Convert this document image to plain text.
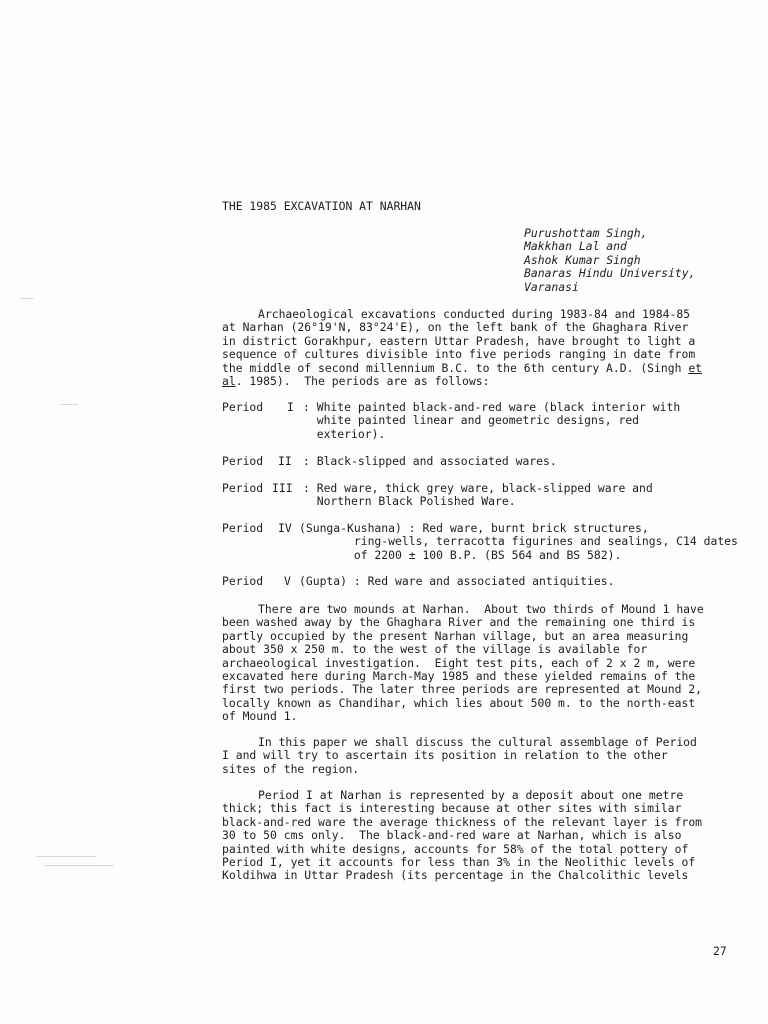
THE 1985 EXCAVATION AT NARHAN
Purushottam Singh,
Makkhan Lal and
Ashok Kumar Singh
Banaras Hindu University,
Varanasi
Archaeological excavations conducted during 1983-84 and 1984-85
at Narhan (26°19'N, 83°24'E), on the left bank of the Ghaghara River
in district Gorakhpur, eastern Uttar Pradesh, have brought to light a
sequence of cultures divisible into five periods ranging in date from
the middle of second millennium B.C. to the 6th century A.D. (Singh et
al. 1985).  The periods are as follows:
Period I : White painted black-and-red ware (black interior with
white painted linear and geometric designs, red
exterior).
Period II : Black-slipped and associated wares.
Period III : Red ware, thick grey ware, black-slipped ware and
Northern Black Polished Ware.
Period IV (Sunga-Kushana) : Red ware, burnt brick structures,
ring-wells, terracotta figurines and sealings, C14 dates
of 2200 ± 100 B.P. (BS 564 and BS 582).
Period V (Gupta) : Red ware and associated antiquities.
There are two mounds at Narhan.  About two thirds of Mound 1 have
been washed away by the Ghaghara River and the remaining one third is
partly occupied by the present Narhan village, but an area measuring
about 350 x 250 m. to the west of the village is available for
archaeological investigation.  Eight test pits, each of 2 x 2 m, were
excavated here during March-May 1985 and these yielded remains of the
first two periods. The later three periods are represented at Mound 2,
locally known as Chandihar, which lies about 500 m. to the north-east
of Mound 1.
In this paper we shall discuss the cultural assemblage of Period
I and will try to ascertain its position in relation to the other
sites of the region.
Period I at Narhan is represented by a deposit about one metre
thick; this fact is interesting because at other sites with similar
black-and-red ware the average thickness of the relevant layer is from
30 to 50 cms only.  The black-and-red ware at Narhan, which is also
painted with white designs, accounts for 58% of the total pottery of
Period I, yet it accounts for less than 3% in the Neolithic levels of
Koldihwa in Uttar Pradesh (its percentage in the Chalcolithic levels
27
